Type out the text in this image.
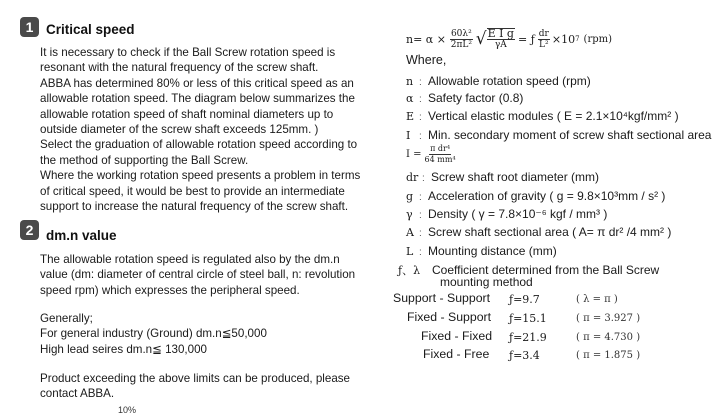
1 Critical speed
It is necessary to check if the Ball Screw rotation speed is
resonant with the natural frequency of the screw shaft.
ABBA has determined 80% or less of this critical speed as an
allowable rotation speed. The diagram below summarizes the
allowable rotation speed of shaft nominal diameters up to
outside diameter of the screw shaft exceeds 125mm. )
Select the graduation of allowable rotation speed according to
the method of supporting the Ball Screw.
Where the working rotation speed presents a problem in terms
of critical speed, it would be best to provide an intermediate
support to increase the natural frequency of the screw shaft.
2 dm.n value
The allowable rotation speed is regulated also by the dm.n
value (dm: diameter of central circle of steel ball, n: revolution
speed rpm) which expresses the peripheral speed.
Generally;
For general industry (Ground) dm.n≦50,000
High lead seires dm.n≦ 130,000
Product exceeding the above limits can be produced, please
contact ABBA.
10%
$n= \alpha \times \frac{\text{60λ²}}{\text{2πL²}}$ √ $\frac{\text{E I g}}{\gamma A}$ = ƒ $\frac{dr}{\text{L²}} \times 10$ 7 (rpm)
Where,
n : Allowable rotation speed (rpm)
α : Safety factor (0.8)
E : Vertical elastic modules ( E = 2.1×10⁴kgf/mm² )
I : Min. secondary moment of screw shaft sectional area
$I = \frac{\text{π dr⁴}}{\text{64 mm⁴}}$
dr : Screw shaft root diameter (mm)
g : Acceleration of gravity ( g = 9.8×10³mm / s² )
γ : Density ( γ = 7.8×10⁻⁶ kgf / mm³ )
A : Screw shaft sectional area ( A= π dr² /4 mm² )
L : Mounting distance (mm)
ƒ、λ Coefficient determined from the Ball Screw
mounting method
Support - Support ƒ=9.7	( λ = π )
Fixed - Support ƒ=15.1	( π = 3.927 )
Fixed - Fixed ƒ=21.9	( π = 4.730 )
Fixed - Free ƒ=3.4	( π = 1.875 )
